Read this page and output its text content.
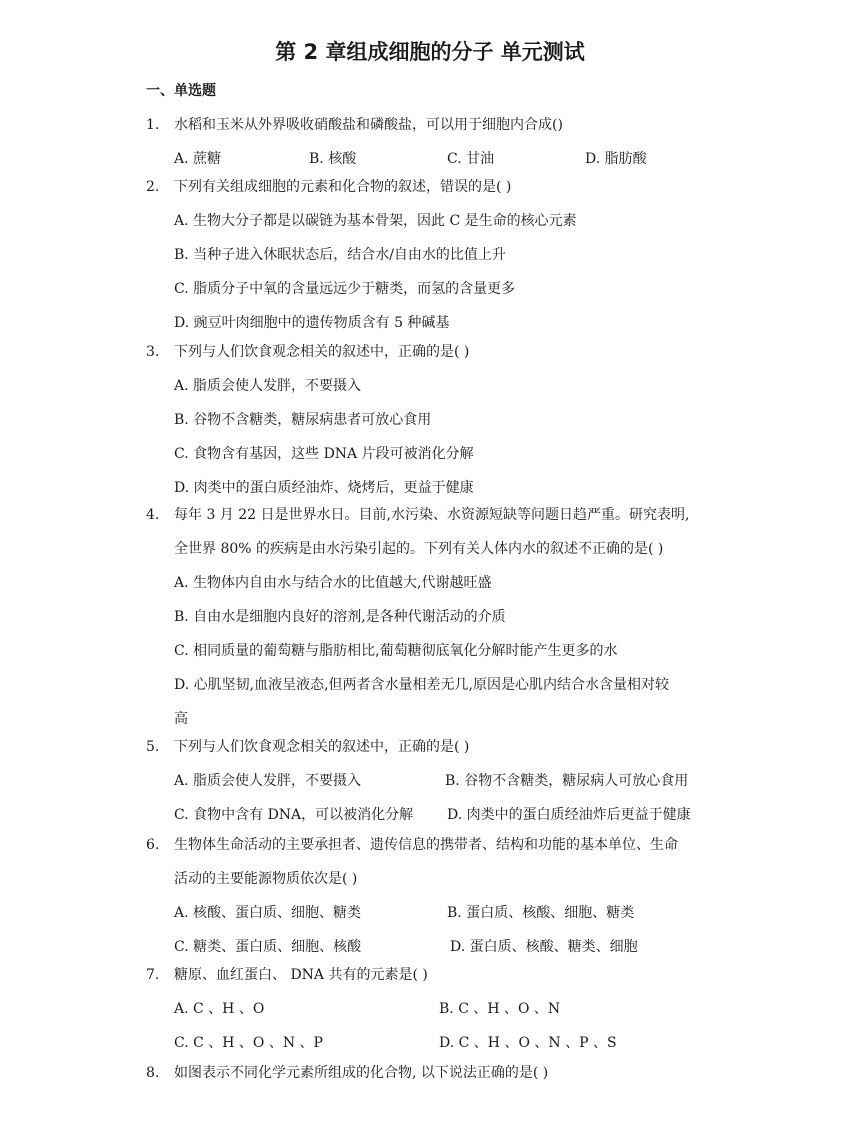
第 2 章组成细胞的分子 单元测试
一、单选题
1. 水稻和玉米从外界吸收硝酸盐和磷酸盐，可以用于细胞内合成()
A. 蔗糖	B. 核酸	C. 甘油	D. 脂肪酸
2. 下列有关组成细胞的元素和化合物的叙述，错误的是( )
A. 生物大分子都是以碳链为基本骨架，因此 C 是生命的核心元素
B. 当种子进入休眠状态后，结合水/自由水的比值上升
C. 脂质分子中氧的含量远远少于糖类，而氢的含量更多
D. 豌豆叶肉细胞中的遗传物质含有 5 种碱基
3. 下列与人们饮食观念相关的叙述中，正确的是( )
A. 脂质会使人发胖，不要摄入
B. 谷物不含糖类，糖尿病患者可放心食用
C. 食物含有基因，这些 DNA 片段可被消化分解
D. 肉类中的蛋白质经油炸、烧烤后，更益于健康
4. 每年 3 月 22 日是世界水日。目前,水污染、水资源短缺等问题日趋严重。研究表明,
全世界 80% 的疾病是由水污染引起的。下列有关人体内水的叙述不正确的是( )
A. 生物体内自由水与结合水的比值越大,代谢越旺盛
B. 自由水是细胞内良好的溶剂,是各种代谢活动的介质
C. 相同质量的葡萄糖与脂肪相比,葡萄糖彻底氧化分解时能产生更多的水
D. 心肌坚韧,血液呈液态,但两者含水量相差无几,原因是心肌内结合水含量相对较
高
5. 下列与人们饮食观念相关的叙述中，正确的是( )
A. 脂质会使人发胖，不要摄入	B. 谷物不含糖类，糖尿病人可放心食用
C. 食物中含有 DNA，可以被消化分解 D. 肉类中的蛋白质经油炸后更益于健康
6. 生物体生命活动的主要承担者、遗传信息的携带者、结构和功能的基本单位、生命
活动的主要能源物质依次是( )
A. 核酸、蛋白质、细胞、糖类	B. 蛋白质、核酸、细胞、糖类
C. 糖类、蛋白质、细胞、核酸	D. 蛋白质、核酸、糖类、细胞
7. 糖原、血红蛋白、 DNA 共有的元素是( )
A. C 、H 、O	B. C 、H 、O 、N
C. C 、H 、O 、N 、P	D. C 、H 、O 、N 、P 、S
8. 如图表示不同化学元素所组成的化合物, 以下说法正确的是( )
